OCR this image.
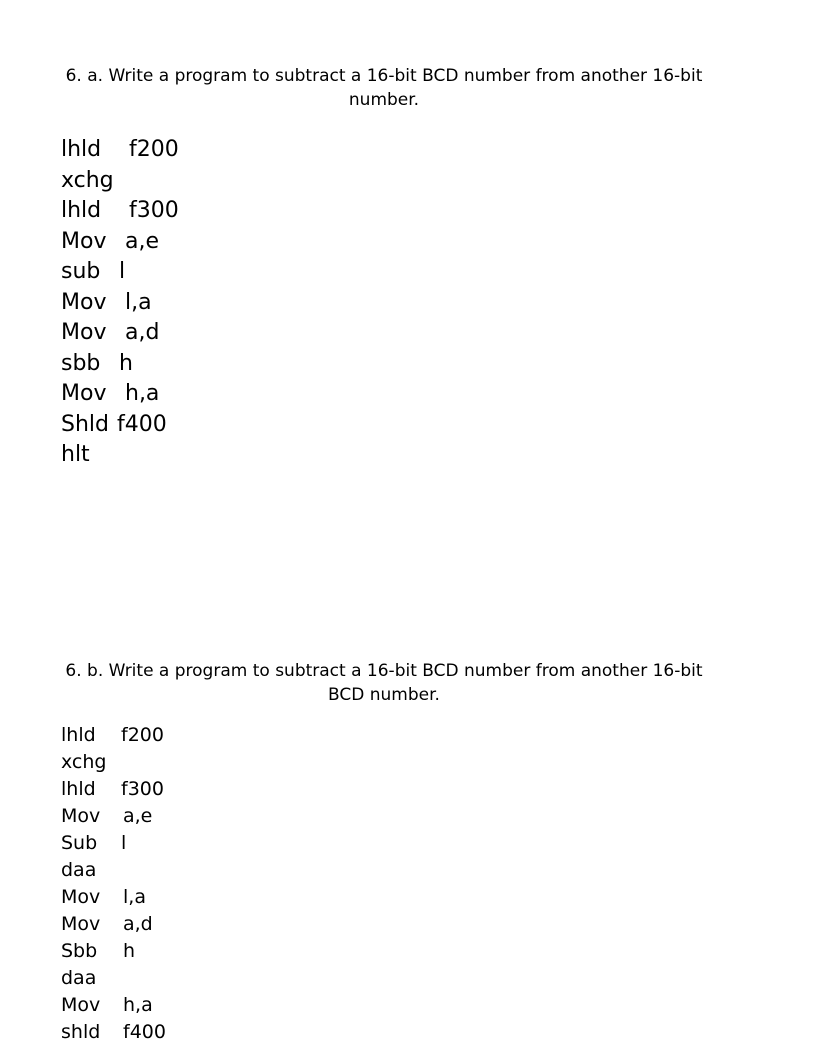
6. a. Write a program to subtract a 16-bit BCD number from another 16-bit number.
lhld	f200
xchg
lhld	f300
Mov a,e
sub l
Mov l,a
Mov a,d
sbb h
Mov h,a
Shld f400
hlt
6. b. Write a program to subtract a 16-bit BCD number from another 16-bit BCD number.
lhld	f200
xchg
lhld	f300
Mov	a,e
Sub	l
daa
Mov	l,a
Mov	a,d
Sbb	h
daa
Mov	h,a
shld	f400
